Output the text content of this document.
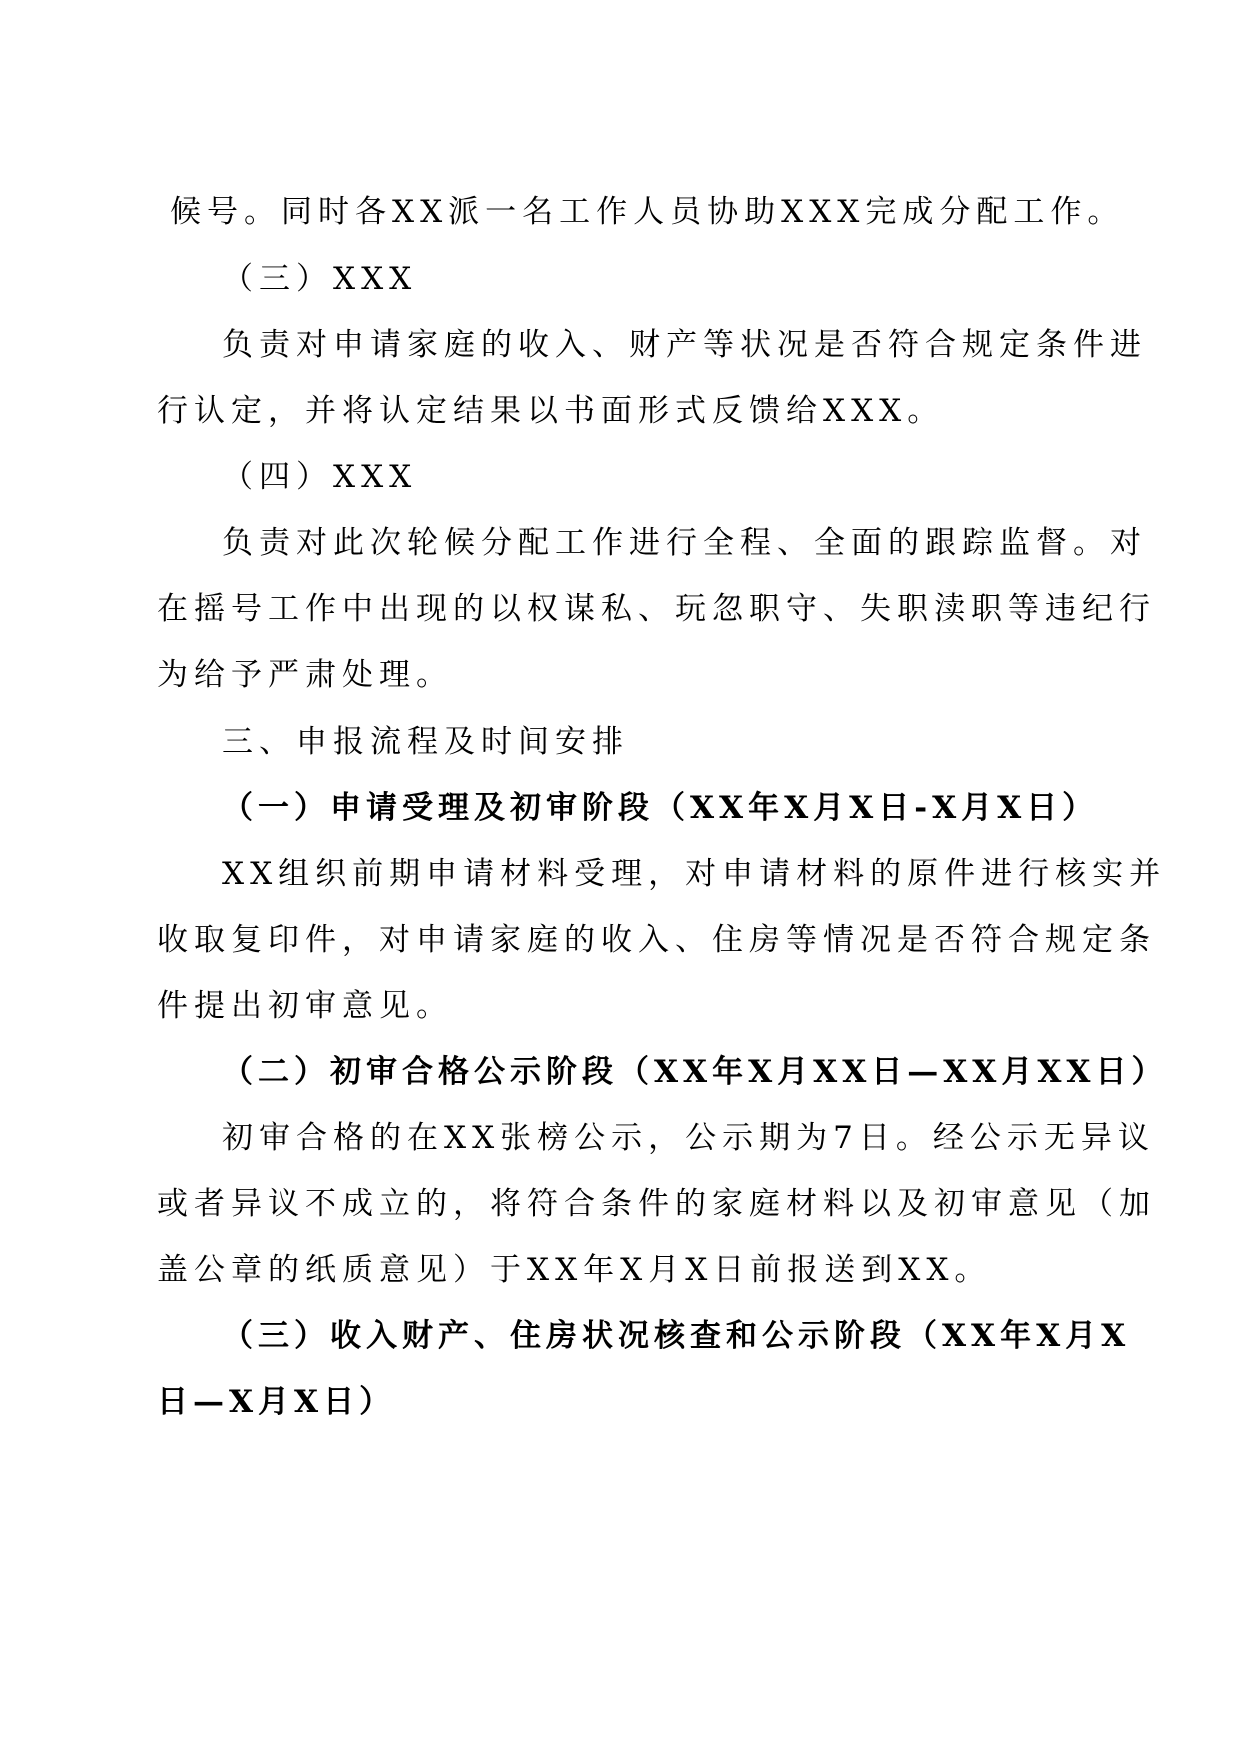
候号。同时各XX派一名工作人员协助XXX完成分配工作。
（三）XXX
负责对申请家庭的收入、财产等状况是否符合规定条件进
行认定，并将认定结果以书面形式反馈给XXX。
（四）XXX
负责对此次轮候分配工作进行全程、全面的跟踪监督。对
在摇号工作中出现的以权谋私、玩忽职守、失职渎职等违纪行
为给予严肃处理。
三、申报流程及时间安排
（一）申请受理及初审阶段（XX年X月X日-X月X日）
XX组织前期申请材料受理，对申请材料的原件进行核实并
收取复印件，对申请家庭的收入、住房等情况是否符合规定条
件提出初审意见。
（二）初审合格公示阶段（XX年X月XX日—XX月XX日）
初审合格的在XX张榜公示，公示期为7日。经公示无异议
或者异议不成立的，将符合条件的家庭材料以及初审意见（加
盖公章的纸质意见）于XX年X月X日前报送到XX。
（三）收入财产、住房状况核查和公示阶段（XX年X月X
日—X月X日）
